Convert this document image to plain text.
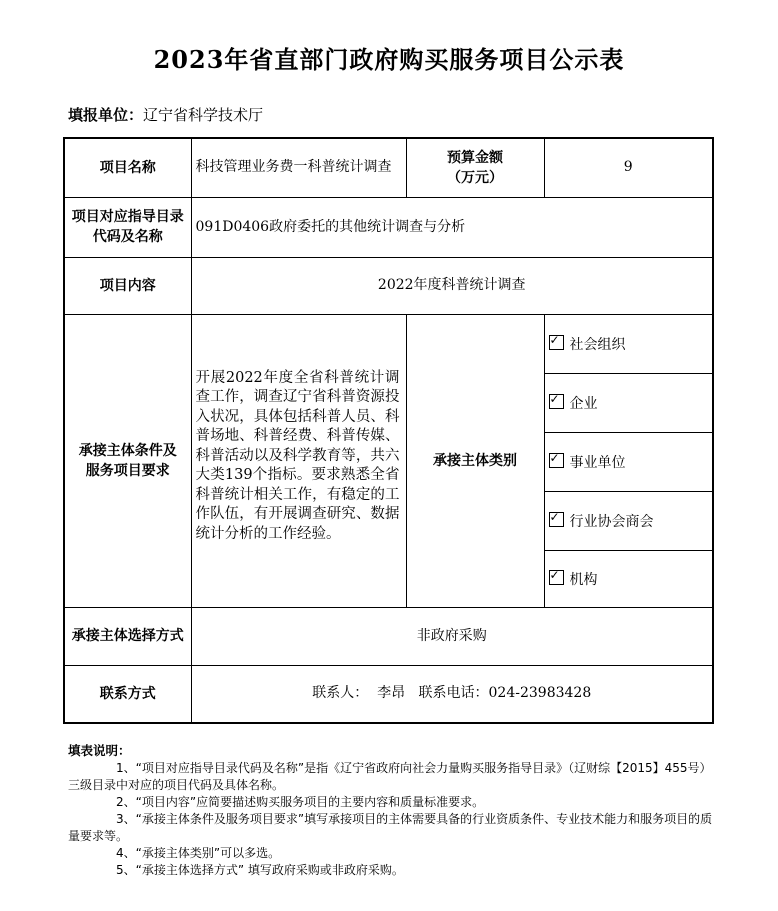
2023年省直部门政府购买服务项目公示表
填报单位：辽宁省科学技术厅
项目名称	科技管理业务费一科普统计调查	预算金额
（万元）	9
项目对应指导目录代码及名称	091D0406政府委托的其他统计调查与分析		
项目内容	2022年度科普统计调查		
承接主体条件及服务项目要求	开展2022年度全省科普统计调查工作，调查辽宁省科普资源投入状况，具体包括科普人员、科普场地、科普经费、科普传媒、科普活动以及科学教育等，共六大类139个指标。要求熟悉全省科普统计相关工作，有稳定的工作队伍，有开展调查研究、数据统计分析的工作经验。	承接主体类别	✓社会组织
✓企业
✓事业单位
✓行业协会商会
✓机构
承接主体选择方式	非政府采购		
联系方式	联系人：  李昂   联系电话：024-23983428		
填表说明：

1、“项目对应指导目录代码及名称”是指《辽宁省政府向社会力量购买服务指导目录》（辽财综【2015】455号）三级目录中对应的项目代码及具体名称。

2、“项目内容”应简要描述购买服务项目的主要内容和质量标准要求。

3、“承接主体条件及服务项目要求”填写承接项目的主体需要具备的行业资质条件、专业技术能力和服务项目的质量要求等。

4、“承接主体类别”可以多选。

5、“承接主体选择方式” 填写政府采购或非政府采购。
